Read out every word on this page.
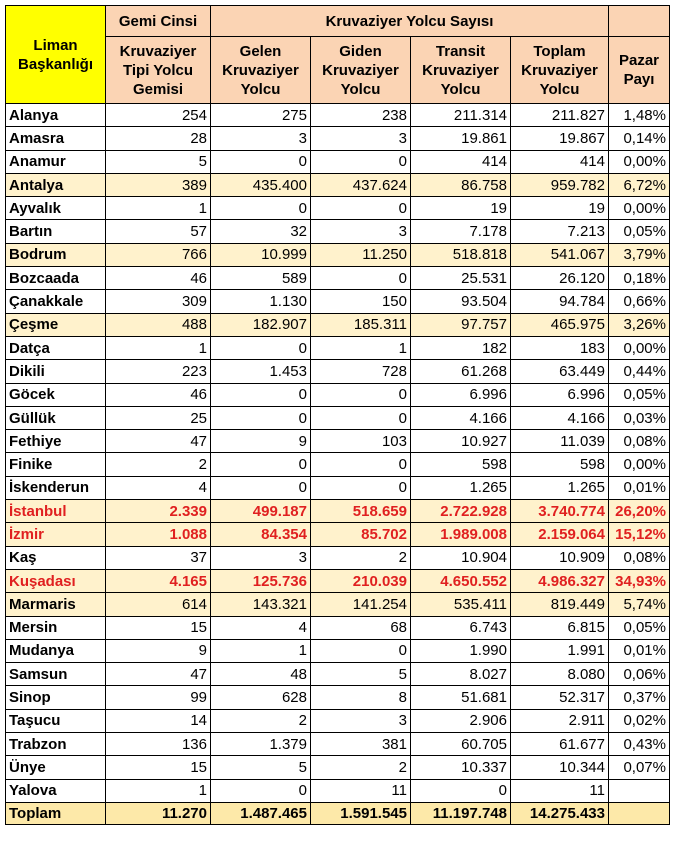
Liman Başkanlığı	Gemi Cinsi	Kruvaziyer Yolcu Sayısı				
	Kruvaziyer Tipi Yolcu Gemisi	Gelen Kruvaziyer Yolcu	Giden Kruvaziyer Yolcu	Transit Kruvaziyer Yolcu	Toplam Kruvaziyer Yolcu	Pazar Payı
Alanya	254	275	238	211.314	211.827	1,48%
Amasra	28	3	3	19.861	19.867	0,14%
Anamur	5	0	0	414	414	0,00%
Antalya	389	435.400	437.624	86.758	959.782	6,72%
Ayvalık	1	0	0	19	19	0,00%
Bartın	57	32	3	7.178	7.213	0,05%
Bodrum	766	10.999	11.250	518.818	541.067	3,79%
Bozcaada	46	589	0	25.531	26.120	0,18%
Çanakkale	309	1.130	150	93.504	94.784	0,66%
Çeşme	488	182.907	185.311	97.757	465.975	3,26%
Datça	1	0	1	182	183	0,00%
Dikili	223	1.453	728	61.268	63.449	0,44%
Göcek	46	0	0	6.996	6.996	0,05%
Güllük	25	0	0	4.166	4.166	0,03%
Fethiye	47	9	103	10.927	11.039	0,08%
Finike	2	0	0	598	598	0,00%
İskenderun	4	0	0	1.265	1.265	0,01%
İstanbul	2.339	499.187	518.659	2.722.928	3.740.774	26,20%
İzmir	1.088	84.354	85.702	1.989.008	2.159.064	15,12%
Kaş	37	3	2	10.904	10.909	0,08%
Kuşadası	4.165	125.736	210.039	4.650.552	4.986.327	34,93%
Marmaris	614	143.321	141.254	535.411	819.449	5,74%
Mersin	15	4	68	6.743	6.815	0,05%
Mudanya	9	1	0	1.990	1.991	0,01%
Samsun	47	48	5	8.027	8.080	0,06%
Sinop	99	628	8	51.681	52.317	0,37%
Taşucu	14	2	3	2.906	2.911	0,02%
Trabzon	136	1.379	381	60.705	61.677	0,43%
Ünye	15	5	2	10.337	10.344	0,07%
Yalova	1	0	11	0	11	
Toplam	11.270	1.487.465	1.591.545	11.197.748	14.275.433	
